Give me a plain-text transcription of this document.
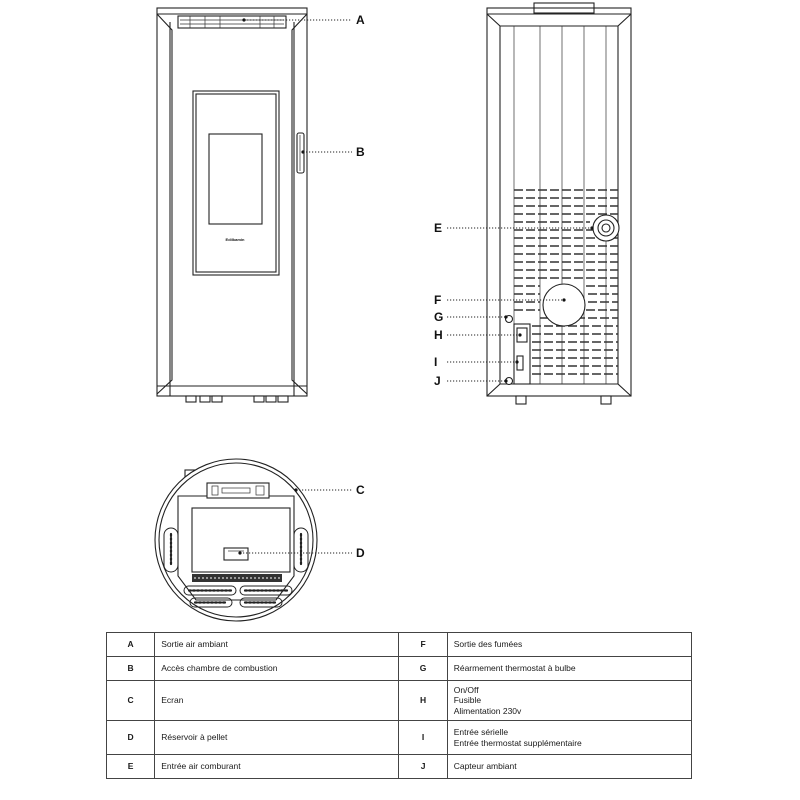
Edilkamin
A
B
E
F
G
H
I
J
C
D
A	Sortie air ambiant	F	Sortie des fumées
B	Accès chambre de combustion	G	Réarmement thermostat à bulbe
C	Ecran	H	On/Off
Fusible
Alimentation 230v

D	Réservoir à pellet	I	Entrée sérielle
Entrée thermostat supplémentaire

E	Entrée air comburant	J	Capteur ambiant
